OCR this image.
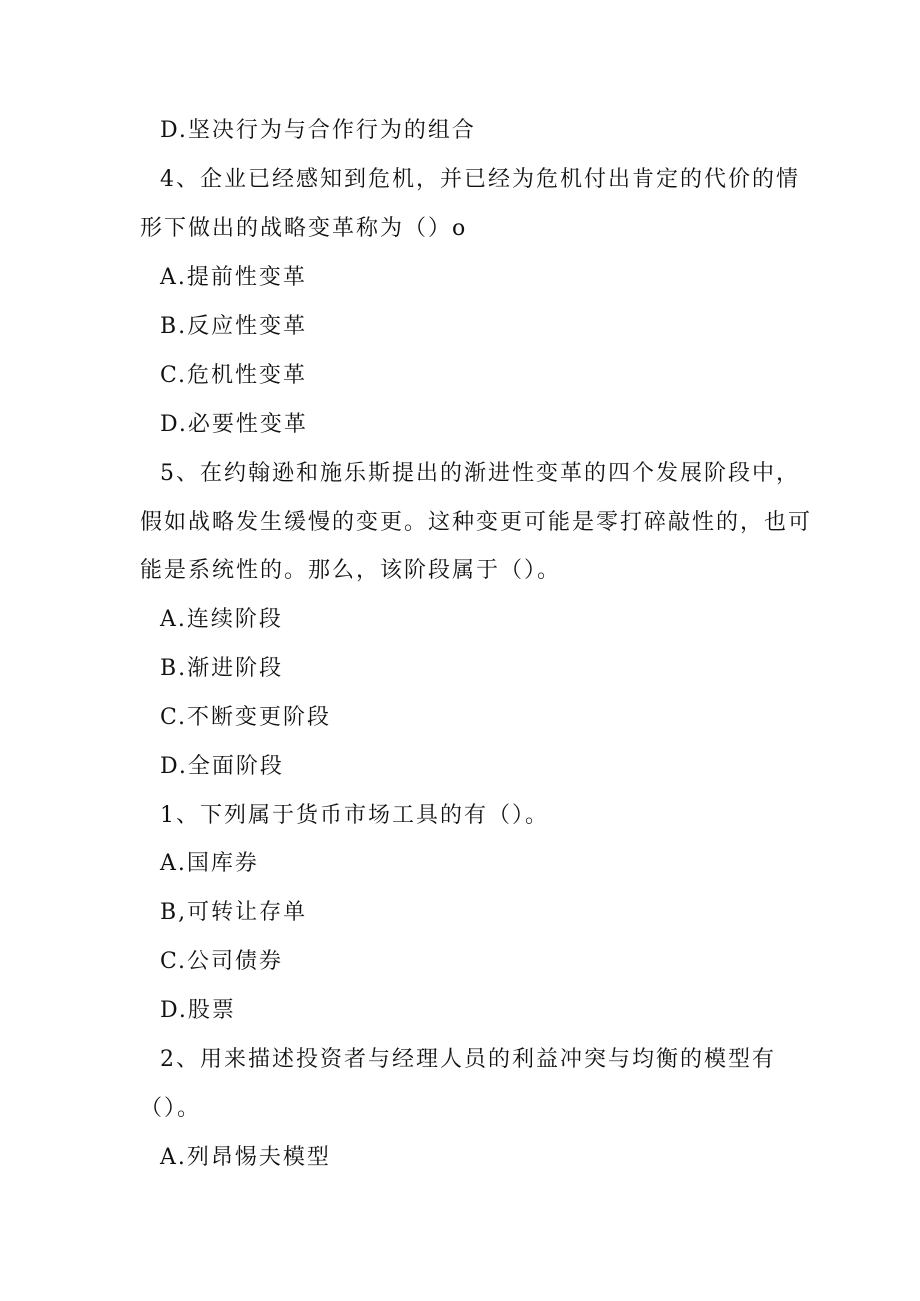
D.坚决行为与合作行为的组合
4、企业已经感知到危机，并已经为危机付出肯定的代价的情
形下做出的战略变革称为（）o
A.提前性变革
B.反应性变革
C.危机性变革
D.必要性变革
5、在约翰逊和施乐斯提出的渐进性变革的四个发展阶段中，
假如战略发生缓慢的变更。这种变更可能是零打碎敲性的，也可
能是系统性的。那么，该阶段属于（）。
A.连续阶段
B.渐进阶段
C.不断变更阶段
D.全面阶段
1、下列属于货币市场工具的有（）。
A.国库券
B,可转让存单
C.公司债券
D.股票
2、用来描述投资者与经理人员的利益冲突与均衡的模型有
（）。
A.列昂惕夫模型
